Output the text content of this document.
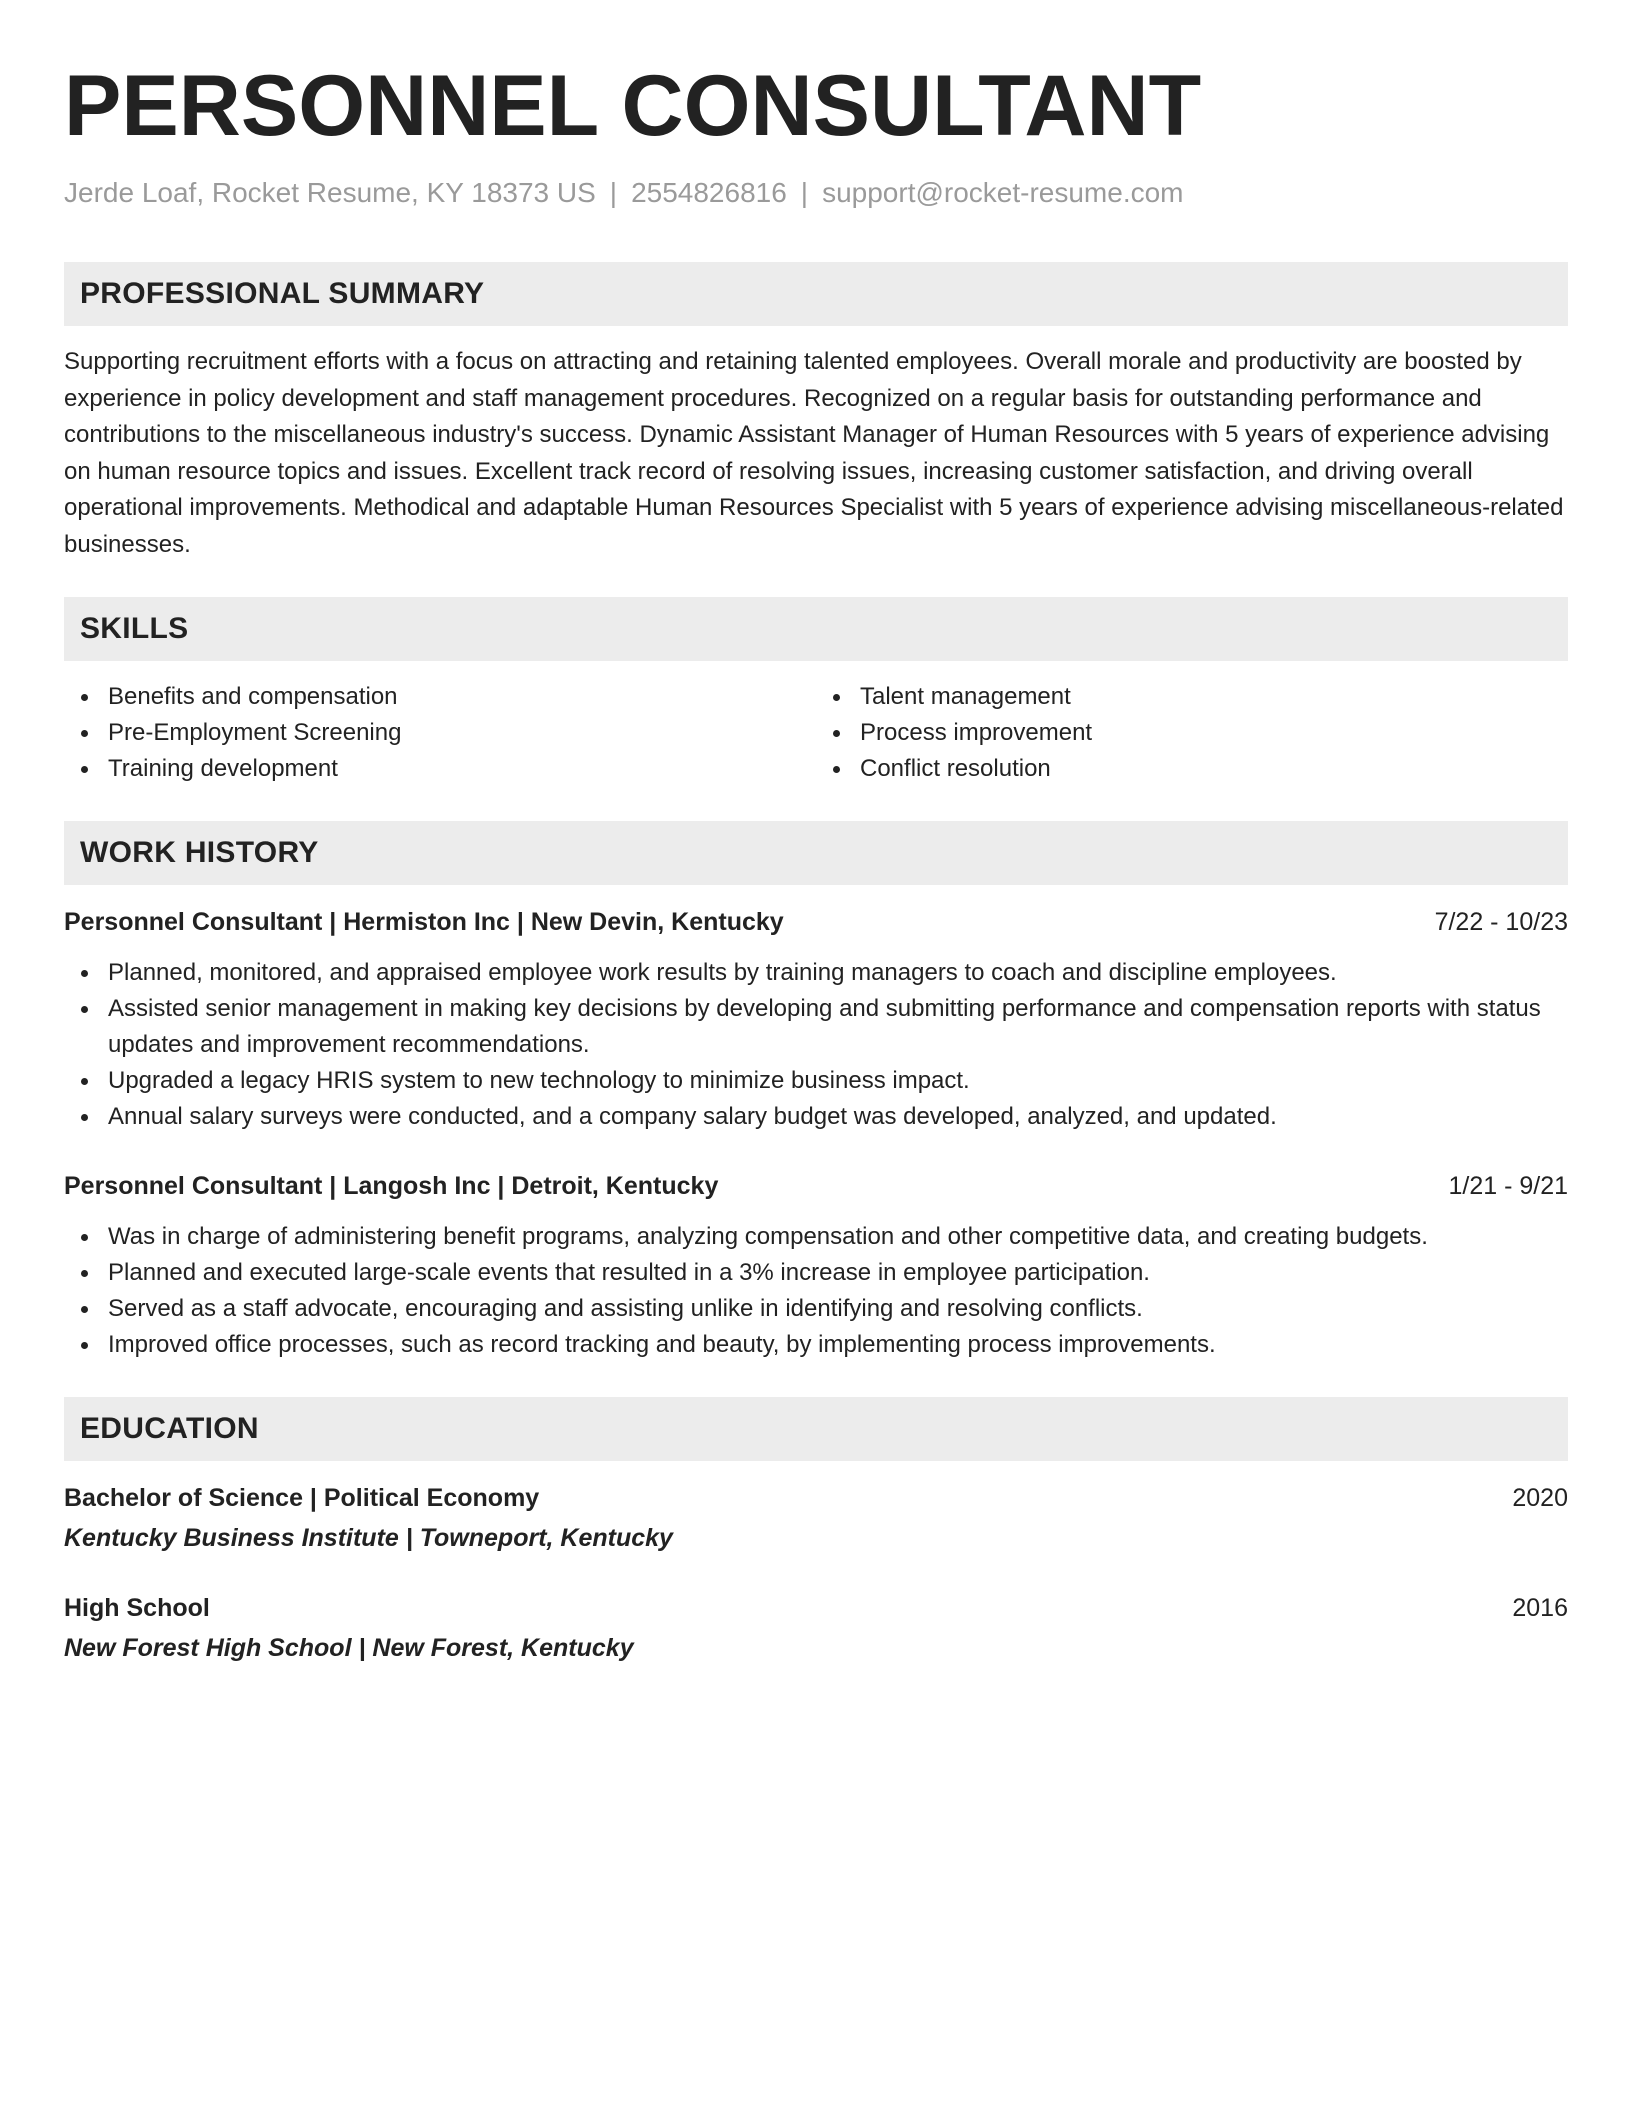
PERSONNEL CONSULTANT
Jerde Loaf, Rocket Resume, KY 18373 US | 2554826816 | support@rocket-resume.com
PROFESSIONAL SUMMARY
Supporting recruitment efforts with a focus on attracting and retaining talented employees. Overall morale and productivity are boosted by experience in policy development and staff management procedures. Recognized on a regular basis for outstanding performance and contributions to the miscellaneous industry's success. Dynamic Assistant Manager of Human Resources with 5 years of experience advising on human resource topics and issues. Excellent track record of resolving issues, increasing customer satisfaction, and driving overall operational improvements. Methodical and adaptable Human Resources Specialist with 5 years of experience advising miscellaneous-related businesses.
SKILLS
Benefits and compensation
Pre-Employment Screening
Training development
Talent management
Process improvement
Conflict resolution
WORK HISTORY
Personnel Consultant | Hermiston Inc | New Devin, Kentucky	7/22 - 10/23
Planned, monitored, and appraised employee work results by training managers to coach and discipline employees.
Assisted senior management in making key decisions by developing and submitting performance and compensation reports with status updates and improvement recommendations.
Upgraded a legacy HRIS system to new technology to minimize business impact.
Annual salary surveys were conducted, and a company salary budget was developed, analyzed, and updated.
Personnel Consultant | Langosh Inc | Detroit, Kentucky	1/21 - 9/21
Was in charge of administering benefit programs, analyzing compensation and other competitive data, and creating budgets.
Planned and executed large-scale events that resulted in a 3% increase in employee participation.
Served as a staff advocate, encouraging and assisting unlike in identifying and resolving conflicts.
Improved office processes, such as record tracking and beauty, by implementing process improvements.
EDUCATION
Bachelor of Science | Political Economy	2020
Kentucky Business Institute | Towneport, Kentucky
High School	2016
New Forest High School | New Forest, Kentucky
